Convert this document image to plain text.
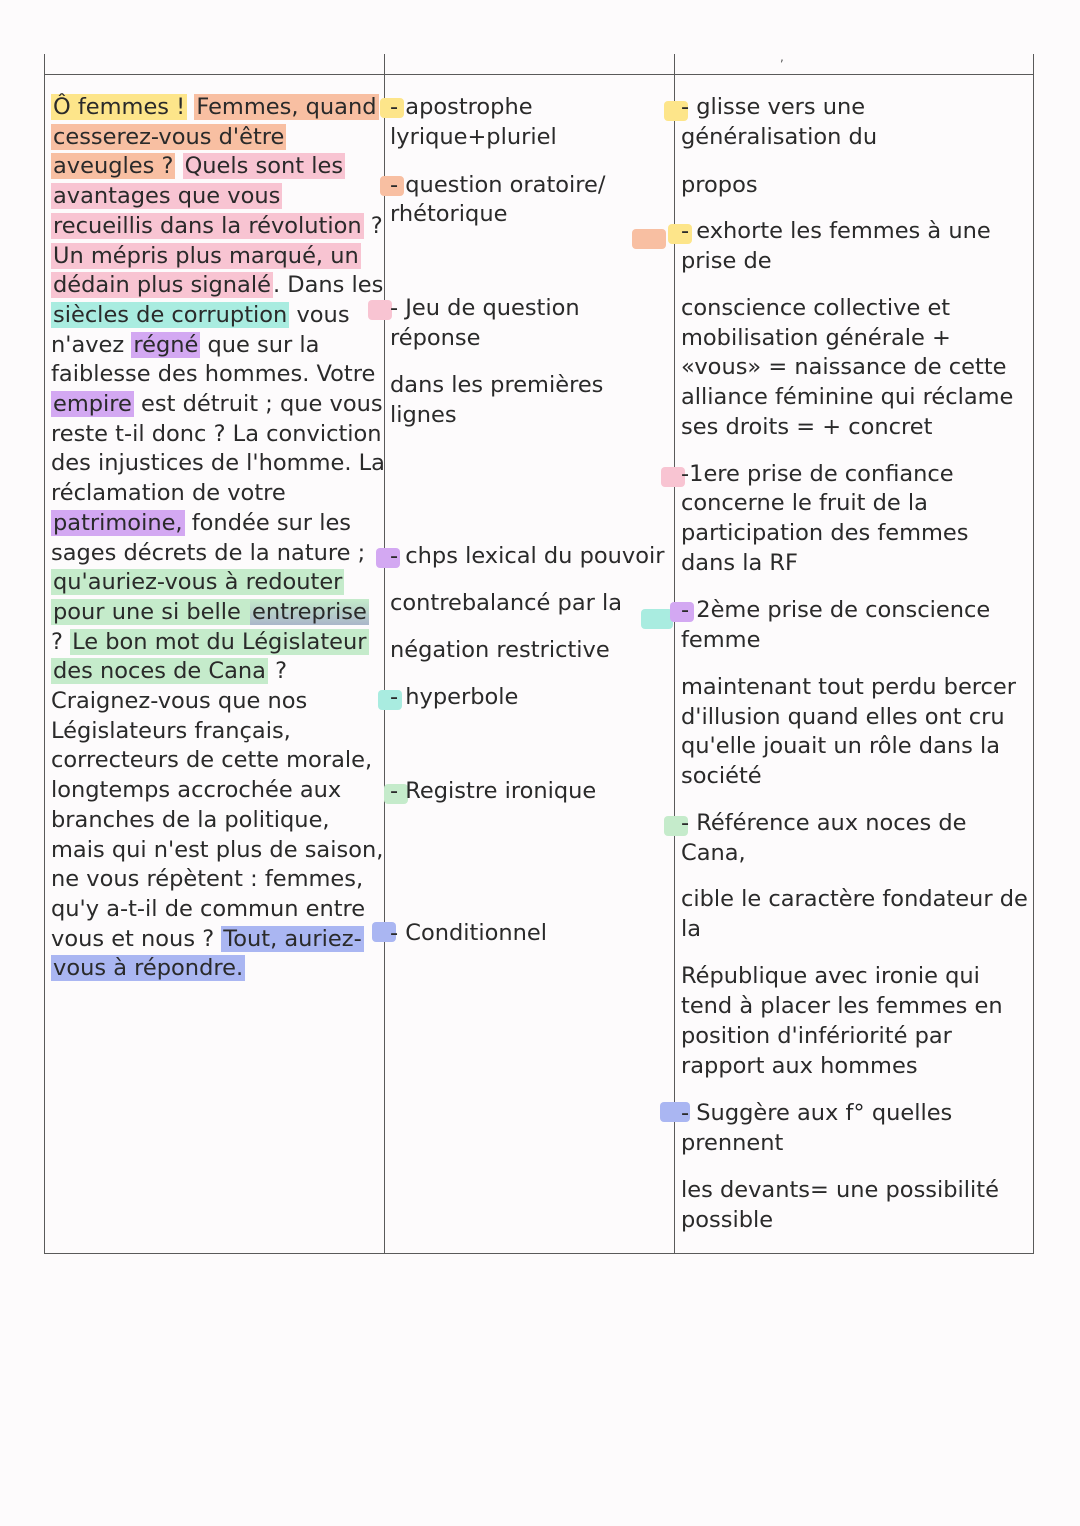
,
Ô femmes ! Femmes, quand cesserez-vous d'être aveugles ? Quels sont les avantages que vous recueillis dans la révolution ? Un mépris plus marqué, un dédain plus signalé. Dans les siècles de corruption vous n'avez régné que sur la faiblesse des hommes. Votre empire est détruit ; que vous reste t-il donc ? La conviction des injustices de l'homme. La réclamation de votre patrimoine, fondée sur les sages décrets de la nature ; qu'auriez-vous à redouter pour une si belle entreprise ? Le bon mot du Législateur des noces de Cana ? Craignez-vous que nos Législateurs français, correcteurs de cette morale, longtemps accrochée aux branches de la politique, mais qui n'est plus de saison, ne vous répètent : femmes, qu'y a-t-il de commun entre vous et nous ? Tout, auriez-vous à répondre.
- apostrophe
lyrique+pluriel
- question oratoire/
rhétorique
- Jeu de question
réponse
dans les premières
lignes
- chps lexical du pouvoir
contrebalancé par la
négation restrictive
- hyperbole
- Registre ironique
- Conditionnel
- glisse vers une
généralisation du
propos
- exhorte les femmes à une
prise de
conscience collective et
mobilisation générale +
«vous» = naissance de cette
alliance féminine qui réclame
ses droits = + concret
-1ere prise de confiance
concerne le fruit de la
participation des femmes
dans la RF
- 2ème prise de conscience
femme
maintenant tout perdu bercer
d'illusion quand elles ont cru
qu'elle jouait un rôle dans la
société
- Référence aux noces de
Cana,
cible le caractère fondateur de
la
République avec ironie qui
tend à placer les femmes en
position d'infériorité par
rapport aux hommes
- Suggère aux f° quelles
prennent
les devants= une possibilité
possible
